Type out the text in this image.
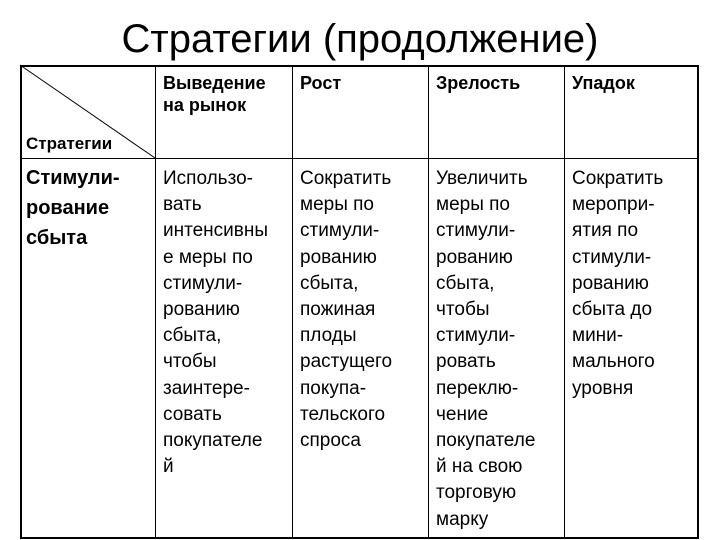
Стратегии (продолжение)
Стратегии
Выведение
на рынок
Рост	Зрелость	Упадок
Стимули-
рование
сбыта
Использо-
вать
интенсивны
е меры по
стимули-
рованию
сбыта,
чтобы
заинтере-
совать
покупателе
й
Сократить
меры по
стимули-
рованию
сбыта,
пожиная
плоды
растущего
покупа-
тельского
спроса
Увеличить
меры по
стимули-
рованию
сбыта,
чтобы
стимули-
ровать
переклю-
чение
покупателе
й на свою
торговую
марку
Сократить
меропри-
ятия по
стимули-
рованию
сбыта до
мини-
мального
уровня
